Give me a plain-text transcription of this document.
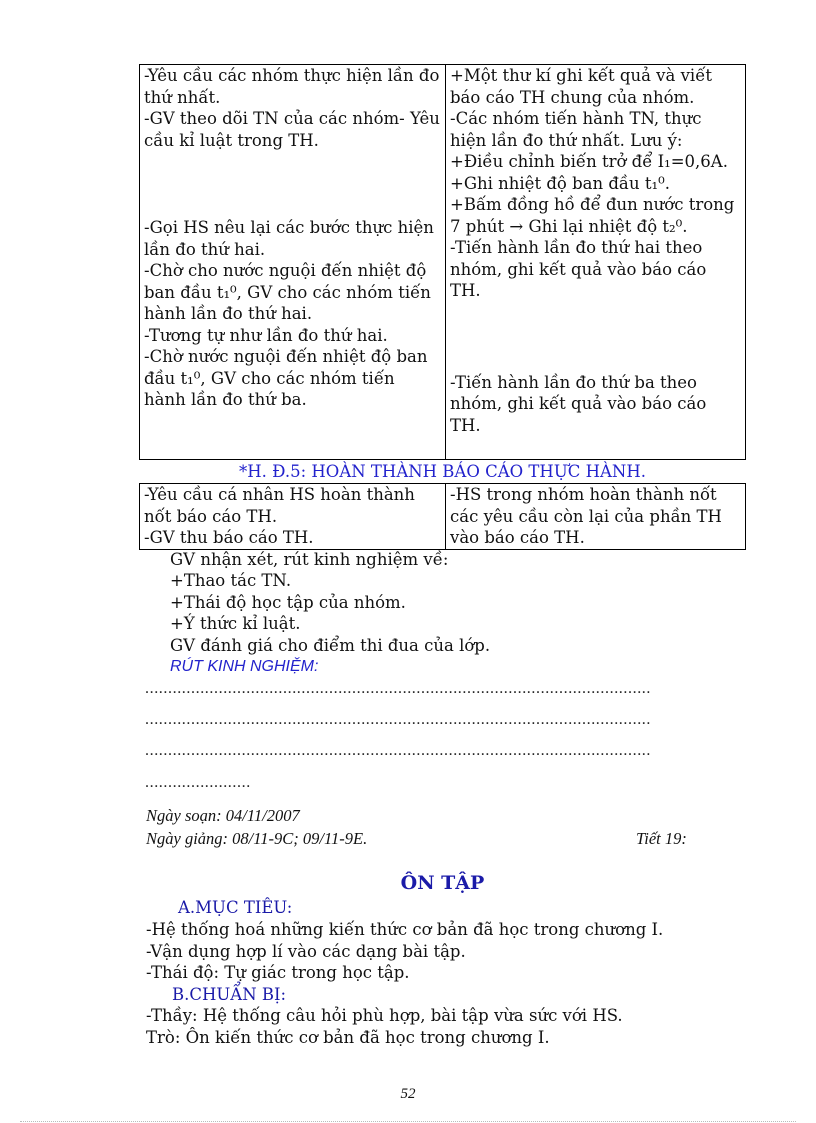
-Yêu cầu các nhóm thực hiện lần đo thứ nhất.
-GV theo dõi TN của các nhóm- Yêu cầu kỉ luật trong TH.
-Gọi HS nêu lại các bước thực hiện lần đo thứ hai.
-Chờ cho nước nguội đến nhiệt độ ban đầu t₁⁰, GV cho các nhóm tiến hành lần đo thứ hai.
-Tương tự như lần đo thứ hai.
-Chờ nước nguội đến nhiệt độ ban đầu t₁⁰, GV cho các nhóm tiến hành lần đo thứ ba.

+Một thư kí ghi kết quả và viết báo cáo TH chung của nhóm.
-Các nhóm tiến hành TN, thực hiện lần đo thứ nhất. Lưu ý:
+Điều chỉnh biến trở để I₁=0,6A.
+Ghi nhiệt độ ban đầu t₁⁰.
+Bấm đồng hồ để đun nước trong 7 phút → Ghi lại nhiệt độ t₂⁰.
-Tiến hành lần đo thứ hai theo nhóm, ghi kết quả vào báo cáo TH.
-Tiến hành lần đo thứ ba theo nhóm, ghi kết quả vào báo cáo TH.
*H. Đ.5: HOÀN THÀNH BÁO CÁO THỰC HÀNH.
-Yêu cầu cá nhân HS hoàn thành nốt báo cáo TH.
-GV thu báo cáo TH.

-HS trong nhóm hoàn thành nốt các yêu cầu còn lại của phần TH vào báo cáo TH.
GV nhận xét, rút kinh nghiệm về:
+Thao tác TN.
+Thái độ học tập của nhóm.
+Ý thức kỉ luật.
GV đánh giá cho điểm thi đua của lớp.
RÚT KINH NGHIỆM:
..............................................................................................................
..............................................................................................................
..............................................................................................................
.......................
Ngày soạn: 04/11/2007
Ngày giảng: 08/11-9C; 09/11-9E.	Tiết 19:
ÔN TẬP
A.MỤC TIÊU:
-Hệ thống hoá những kiến thức cơ bản đã học trong chương I.
-Vận dụng hợp lí vào các dạng bài tập.
-Thái độ: Tự giác trong học tập.
B.CHUẨN BỊ:
-Thầy: Hệ thống câu hỏi phù hợp, bài tập vừa sức với HS.
Trò: Ôn kiến thức cơ bản đã học trong chương I.
52
